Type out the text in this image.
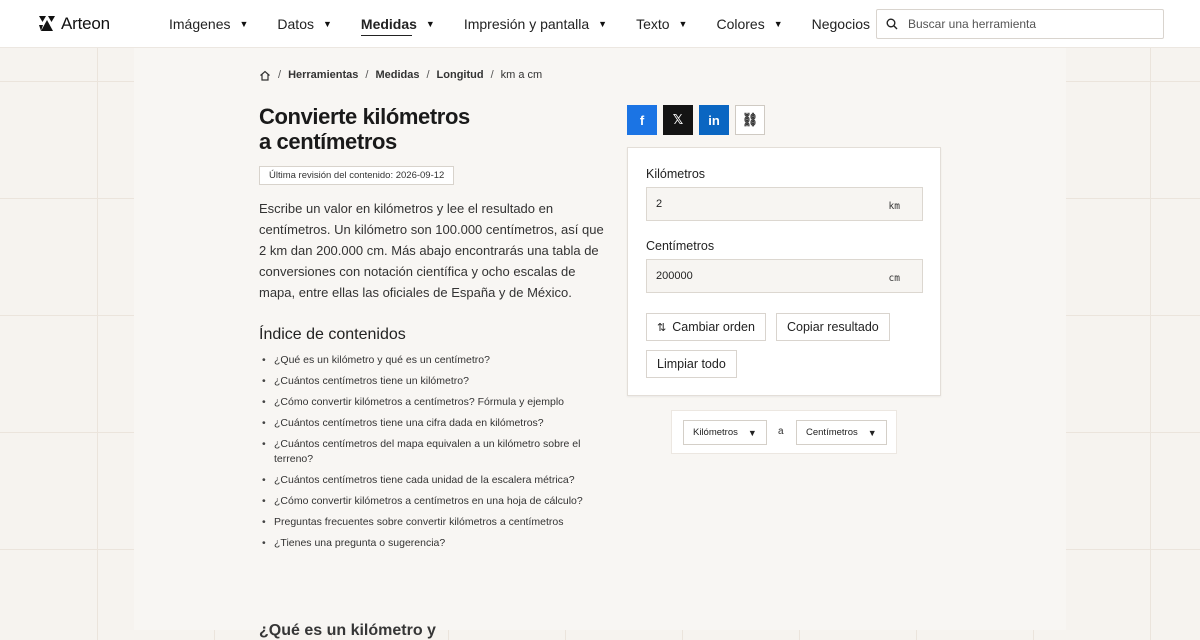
Arteon	Imágenes ▼ Datos ▼ Medidas ▼ Impresión y pantalla ▼ Texto ▼ Colores ▼ Negocios
Buscar una herramienta
/ Herramientas / Medidas / Longitud / km a cm
Convierte kilómetros
a centímetros
Última revisión del contenido: 2026-09-12

Escribe un valor en kilómetros y lee el resultado en centímetros. Un kilómetro son 100.000 centímetros, así que 2 km dan 200.000 cm. Más abajo encontrarás una tabla de conversiones con notación científica y ocho escalas de mapa, entre ellas las oficiales de España y de México.

Índice de contenidos
• ¿Qué es un kilómetro y qué es un centímetro?
• ¿Cuántos centímetros tiene un kilómetro?
• ¿Cómo convertir kilómetros a centímetros? Fórmula y ejemplo
• ¿Cuántos centímetros tiene una cifra dada en kilómetros?
• ¿Cuántos centímetros del mapa equivalen a un kilómetro sobre el terreno?
• ¿Cuántos centímetros tiene cada unidad de la escalera métrica?
• ¿Cómo convertir kilómetros a centímetros en una hoja de cálculo?
• Preguntas frecuentes sobre convertir kilómetros a centímetros
• ¿Tienes una pregunta o sugerencia?
¿Qué es un kilómetro y
f 𝕏 in ⛓
Kilómetros
2
km
Centímetros
200000
cm
⇅ Cambiar orden	Copiar resultado
Limpiar todo
Kilómetros ▼ a Centímetros ▼
